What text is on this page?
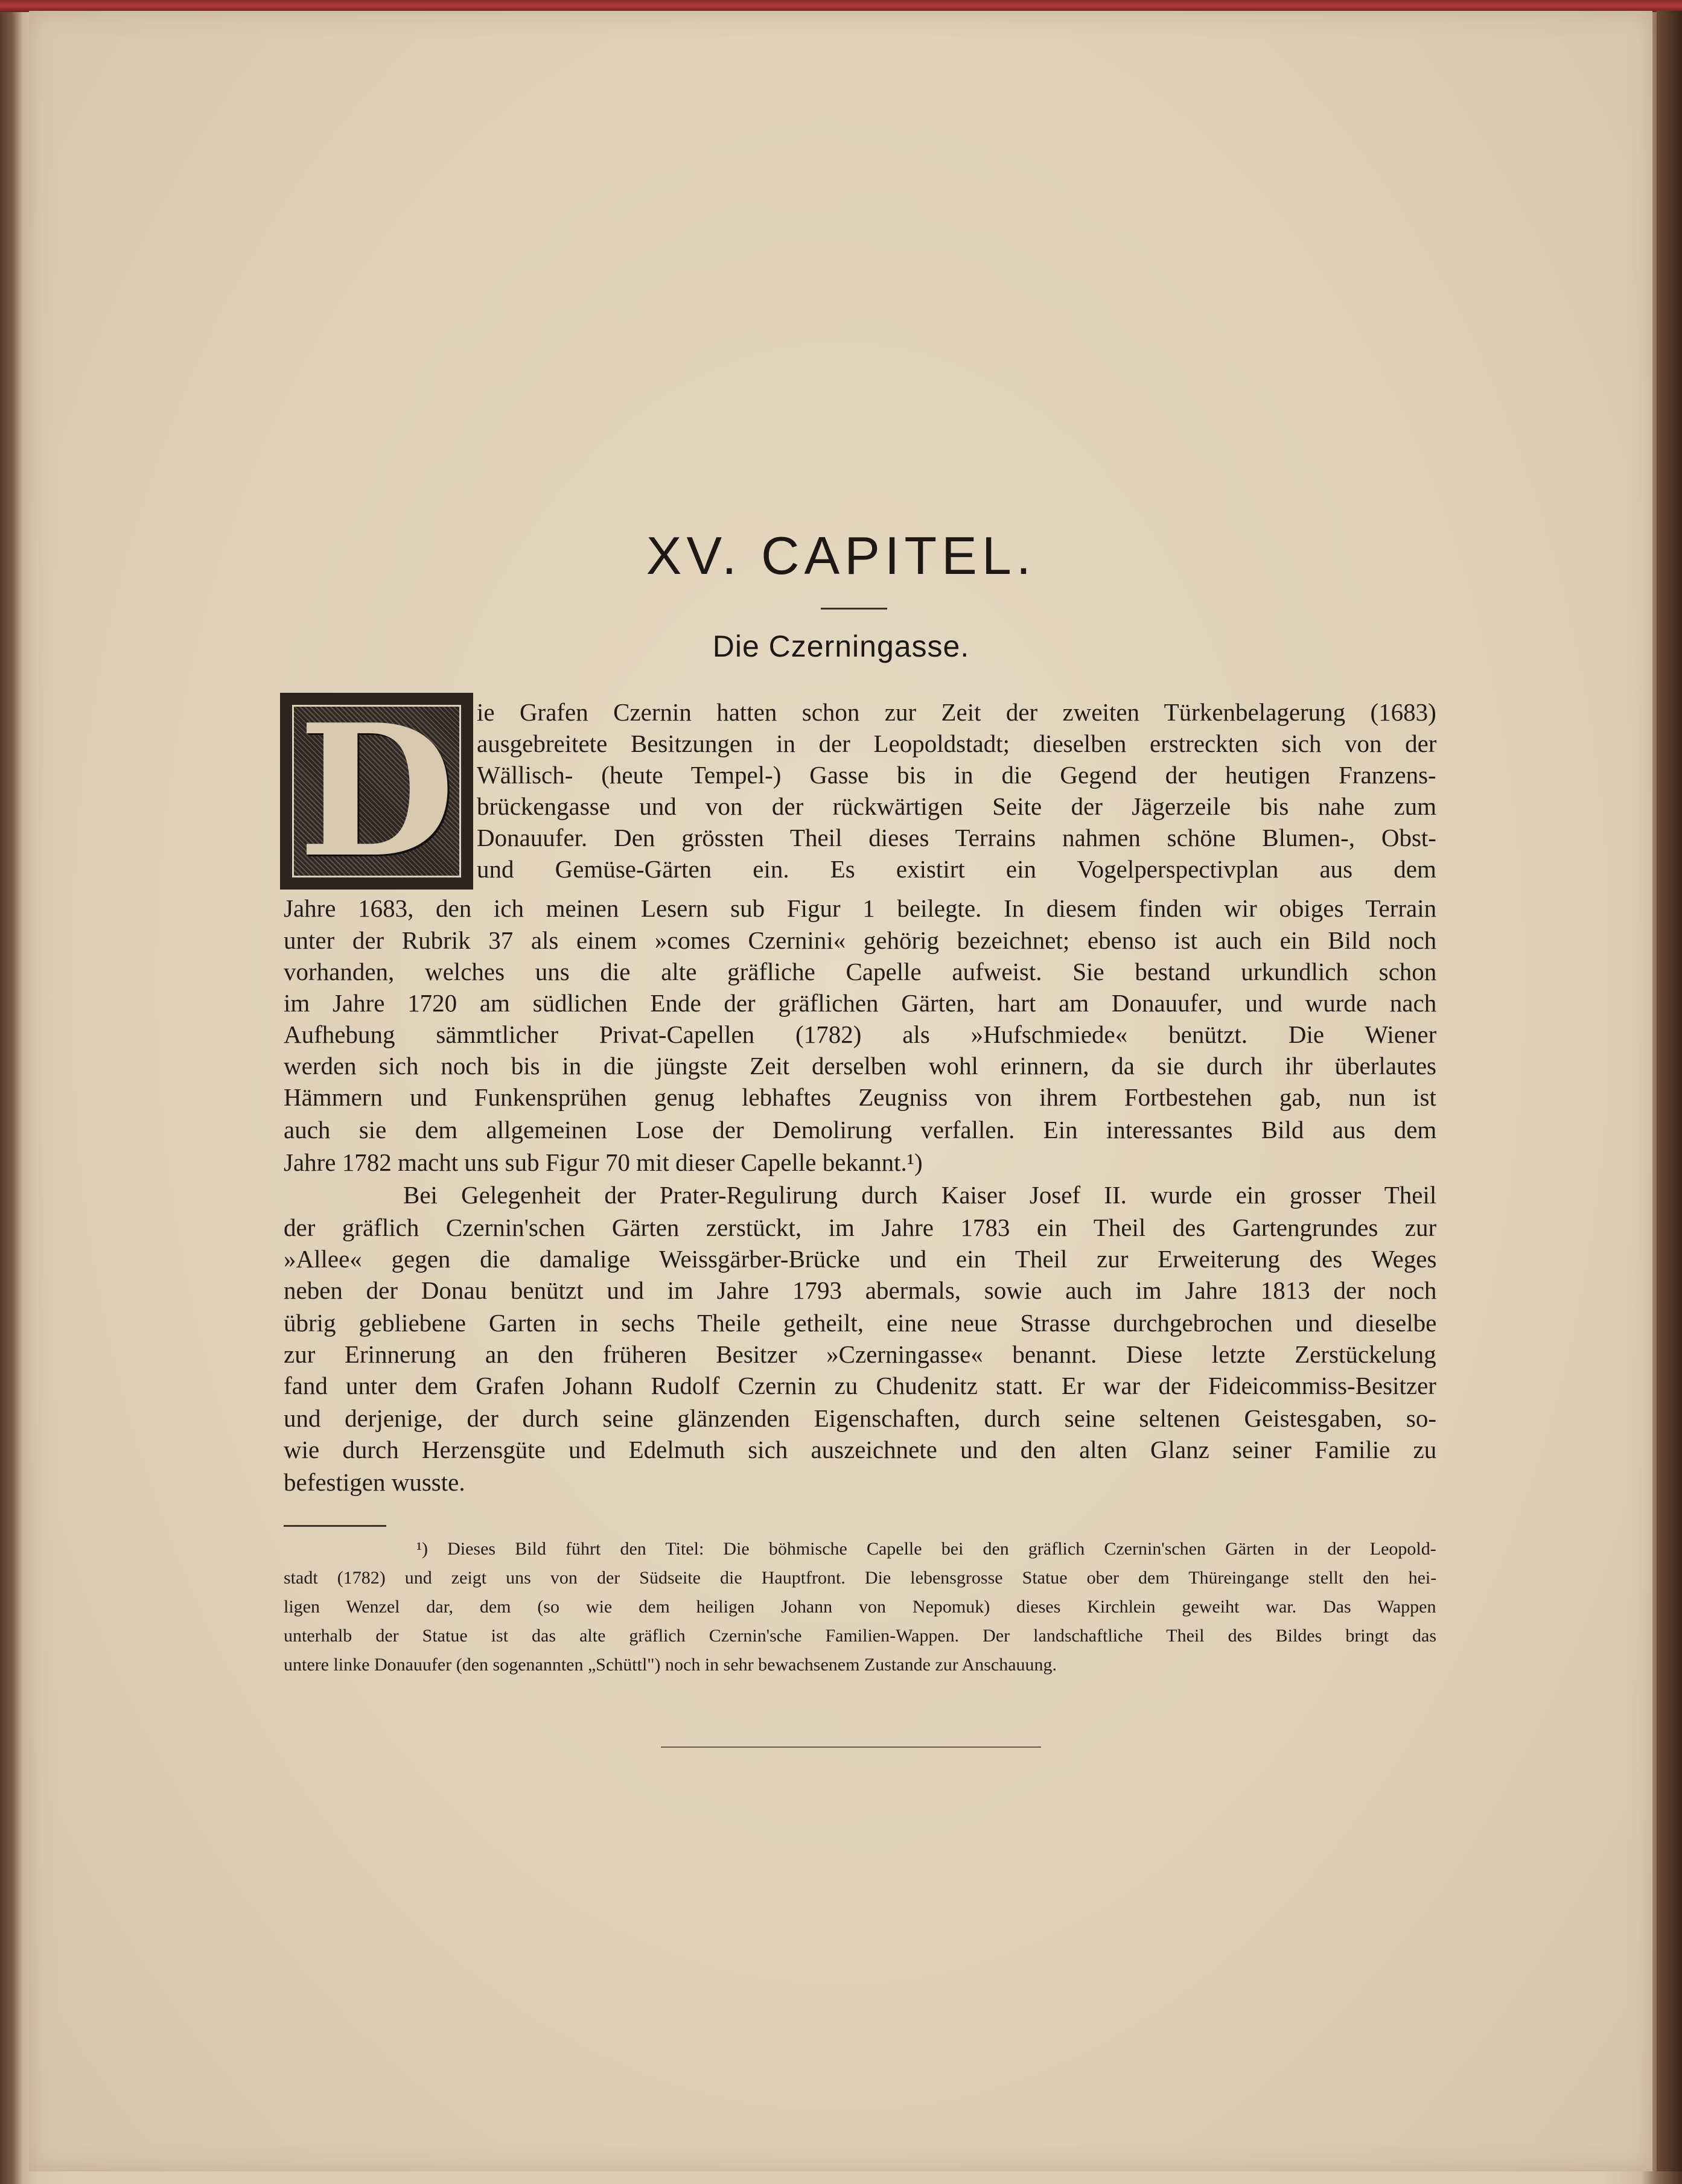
XV. CAPITEL.
Die Czerningasse.
D ie Grafen Czernin hatten schon zur Zeit der zweiten Türkenbelagerung (1683)
ausgebreitete Besitzungen in der Leopoldstadt; dieselben erstreckten sich von der
Wällisch- (heute Tempel-) Gasse bis in die Gegend der heutigen Franzens-
brückengasse und von der rückwärtigen Seite der Jägerzeile bis nahe zum
Donauufer. Den grössten Theil dieses Terrains nahmen schöne Blumen-, Obst-
und Gemüse-Gärten ein. Es existirt ein Vogelperspectivplan aus dem
Jahre 1683, den ich meinen Lesern sub Figur 1 beilegte. In diesem finden wir obiges Terrain
unter der Rubrik 37 als einem »comes Czernini« gehörig bezeichnet; ebenso ist auch ein Bild noch
vorhanden, welches uns die alte gräfliche Capelle aufweist. Sie bestand urkundlich schon
im Jahre 1720 am südlichen Ende der gräflichen Gärten, hart am Donauufer, und wurde nach
Aufhebung sämmtlicher Privat-Capellen (1782) als »Hufschmiede« benützt. Die Wiener
werden sich noch bis in die jüngste Zeit derselben wohl erinnern, da sie durch ihr überlautes
Hämmern und Funkensprühen genug lebhaftes Zeugniss von ihrem Fortbestehen gab, nun ist
auch sie dem allgemeinen Lose der Demolirung verfallen. Ein interessantes Bild aus dem
Jahre 1782 macht uns sub Figur 70 mit dieser Capelle bekannt.¹)
Bei Gelegenheit der Prater-Regulirung durch Kaiser Josef II. wurde ein grosser Theil
der gräflich Czernin'schen Gärten zerstückt, im Jahre 1783 ein Theil des Gartengrundes zur
»Allee« gegen die damalige Weissgärber-Brücke und ein Theil zur Erweiterung des Weges
neben der Donau benützt und im Jahre 1793 abermals, sowie auch im Jahre 1813 der noch
übrig gebliebene Garten in sechs Theile getheilt, eine neue Strasse durchgebrochen und dieselbe
zur Erinnerung an den früheren Besitzer »Czerningasse« benannt. Diese letzte Zerstückelung
fand unter dem Grafen Johann Rudolf Czernin zu Chudenitz statt. Er war der Fideicommiss-Besitzer
und derjenige, der durch seine glänzenden Eigenschaften, durch seine seltenen Geistesgaben, so-
wie durch Herzensgüte und Edelmuth sich auszeichnete und den alten Glanz seiner Familie zu
befestigen wusste.
¹) Dieses Bild führt den Titel: Die böhmische Capelle bei den gräflich Czernin'schen Gärten in der Leopold-
stadt (1782) und zeigt uns von der Südseite die Hauptfront. Die lebensgrosse Statue ober dem Thüreingange stellt den hei-
ligen Wenzel dar, dem (so wie dem heiligen Johann von Nepomuk) dieses Kirchlein geweiht war. Das Wappen
unterhalb der Statue ist das alte gräflich Czernin'sche Familien-Wappen. Der landschaftliche Theil des Bildes bringt das
untere linke Donauufer (den sogenannten „Schüttl") noch in sehr bewachsenem Zustande zur Anschauung.
